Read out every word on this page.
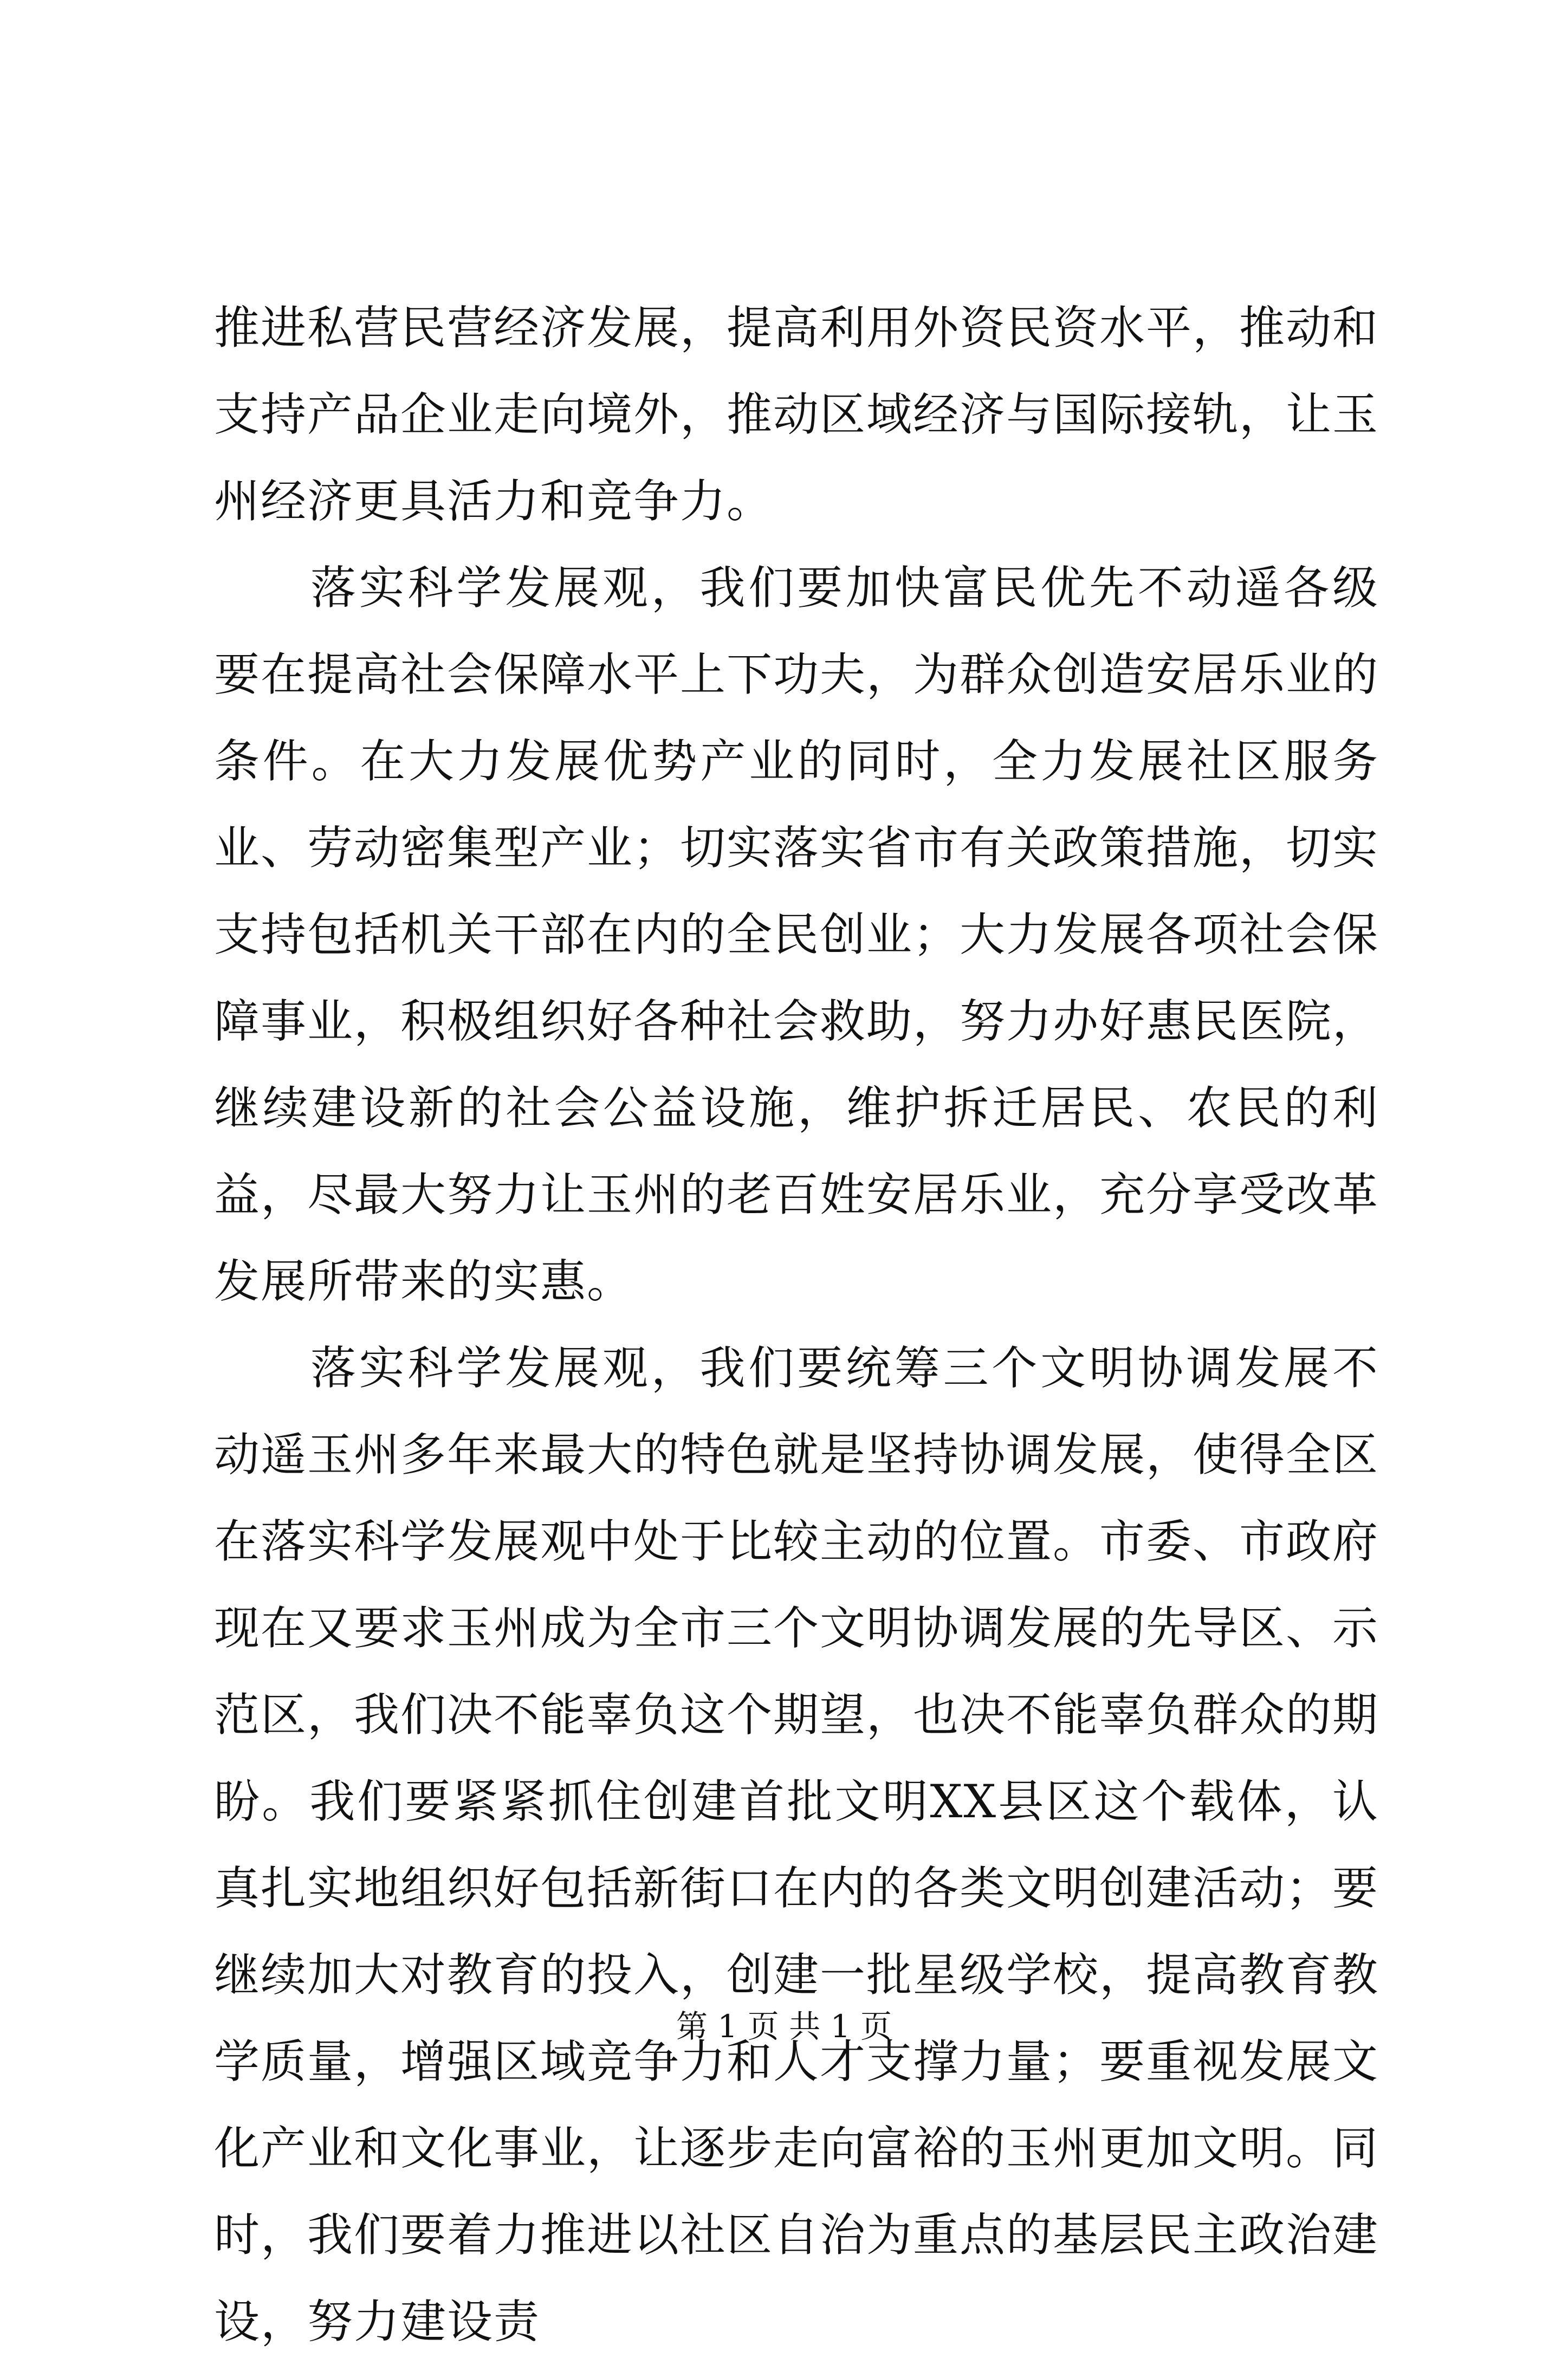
推进私营民营经济发展，提高利用外资民资水平，推动和支持产品企业走向境外，推动区域经济与国际接轨，让玉州经济更具活力和竞争力。

落实科学发展观，我们要加快富民优先不动遥各级要在提高社会保障水平上下功夫，为群众创造安居乐业的条件。在大力发展优势产业的同时，全力发展社区服务业、劳动密集型产业；切实落实省市有关政策措施，切实支持包括机关干部在内的全民创业；大力发展各项社会保障事业，积极组织好各种社会救助，努力办好惠民医院，继续建设新的社会公益设施，维护拆迁居民、农民的利益，尽最大努力让玉州的老百姓安居乐业，充分享受改革发展所带来的实惠。

落实科学发展观，我们要统筹三个文明协调发展不动遥玉州多年来最大的特色就是坚持协调发展，使得全区在落实科学发展观中处于比较主动的位置。市委、市政府现在又要求玉州成为全市三个文明协调发展的先导区、示范区，我们决不能辜负这个期望，也决不能辜负群众的期盼。我们要紧紧抓住创建首批文明XX县区这个载体，认真扎实地组织好包括新街口在内的各类文明创建活动；要继续加大对教育的投入，创建一批星级学校，提高教育教学质量，增强区域竞争力和人才支撑力量；要重视发展文化产业和文化事业，让逐步走向富裕的玉州更加文明。同时，我们要着力推进以社区自治为重点的基层民主政治建设，努力建设责

第 1 页 共 1 页
